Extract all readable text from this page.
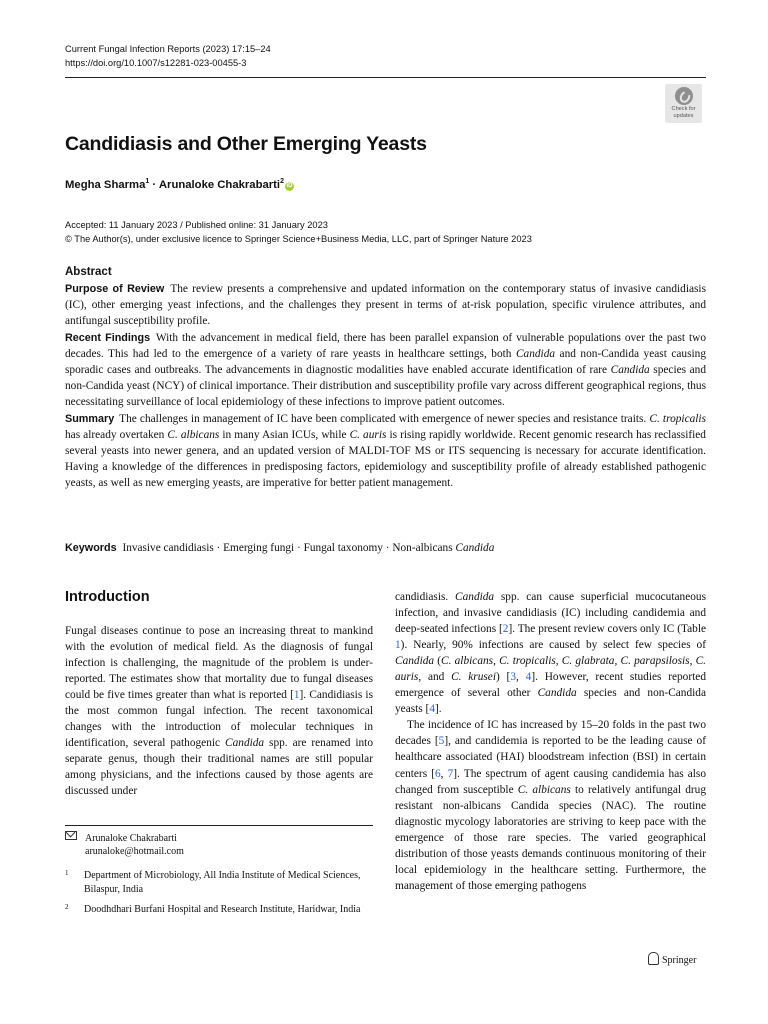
Current Fungal Infection Reports (2023) 17:15–24
https://doi.org/10.1007/s12281-023-00455-3
Check for
updates
Candidiasis and Other Emerging Yeasts
Megha Sharma$^1$ · Arunaloke Chakrabarti$^2$iD
Accepted: 11 January 2023 / Published online: 31 January 2023
© The Author(s), under exclusive licence to Springer Science+Business Media, LLC, part of Springer Nature 2023
Abstract

Purpose of Review The review presents a comprehensive and updated information on the contemporary status of invasive candidiasis (IC), other emerging yeast infections, and the challenges they present in terms of at-risk population, specific virulence attributes, and antifungal susceptibility profile.

Recent Findings With the advancement in medical field, there has been parallel expansion of vulnerable populations over the past two decades. This had led to the emergence of a variety of rare yeasts in healthcare settings, both Candida and non-Candida yeast causing sporadic cases and outbreaks. The advancements in diagnostic modalities have enabled accurate identification of rare Candida species and non-Candida yeast (NCY) of clinical importance. Their distribution and susceptibility profile vary across different geographical regions, thus necessitating surveillance of local epidemiology of these infections to improve patient outcomes.

Summary The challenges in management of IC have been complicated with emergence of newer species and resistance traits. C. tropicalis has already overtaken C. albicans in many Asian ICUs, while C. auris is rising rapidly worldwide. Recent genomic research has reclassified several yeasts into newer genera, and an updated version of MALDI-TOF MS or ITS sequencing is necessary for accurate identification. Having a knowledge of the differences in predisposing factors, epidemiology and susceptibility profile of already established pathogenic yeasts, as well as new emerging yeasts, are imperative for better patient management.

Keywords Invasive candidiasis · Emerging fungi · Fungal taxonomy · Non-albicans Candida
Introduction

Fungal diseases continue to pose an increasing threat to mankind with the evolution of medical field. As the diagnosis of fungal infection is challenging, the magnitude of the problem is under-reported. The estimates show that mortality due to fungal diseases could be five times greater than what is reported [1]. Candidiasis is the most common fungal infection. The recent taxonomical changes with the introduction of molecular techniques in identification, several pathogenic Candida spp. are renamed into separate genus, though their traditional names are still popular among physicians, and the infections caused by those agents are discussed under

candidiasis. Candida spp. can cause superficial mucocutaneous infection, and invasive candidiasis (IC) including candidemia and deep-seated infections [2]. The present review covers only IC (Table 1). Nearly, 90% infections are caused by select few species of Candida (C. albicans, C. tropicalis, C. glabrata, C. parapsilosis, C. auris, and C. krusei) [3, 4]. However, recent studies reported emergence of several other Candida species and non-Candida yeasts [4].

The incidence of IC has increased by 15–20 folds in the past two decades [5], and candidemia is reported to be the leading cause of healthcare associated (HAI) bloodstream infection (BSI) in certain centers [6, 7]. The spectrum of agent causing candidemia has also changed from susceptible C. albicans to relatively antifungal drug resistant non-albicans Candida species (NAC). The routine diagnostic mycology laboratories are striving to keep pace with the emergence of those rare species. The varied geographical distribution of those yeasts demands continuous monitoring of their local epidemiology in the healthcare setting. Furthermore, the management of those emerging pathogens

Arunaloke Chakrabarti
arunaloke@hotmail.com
1 Department of Microbiology, All India Institute of Medical Sciences, Bilaspur, India
2 Doodhdhari Burfani Hospital and Research Institute, Haridwar, India
Springer
